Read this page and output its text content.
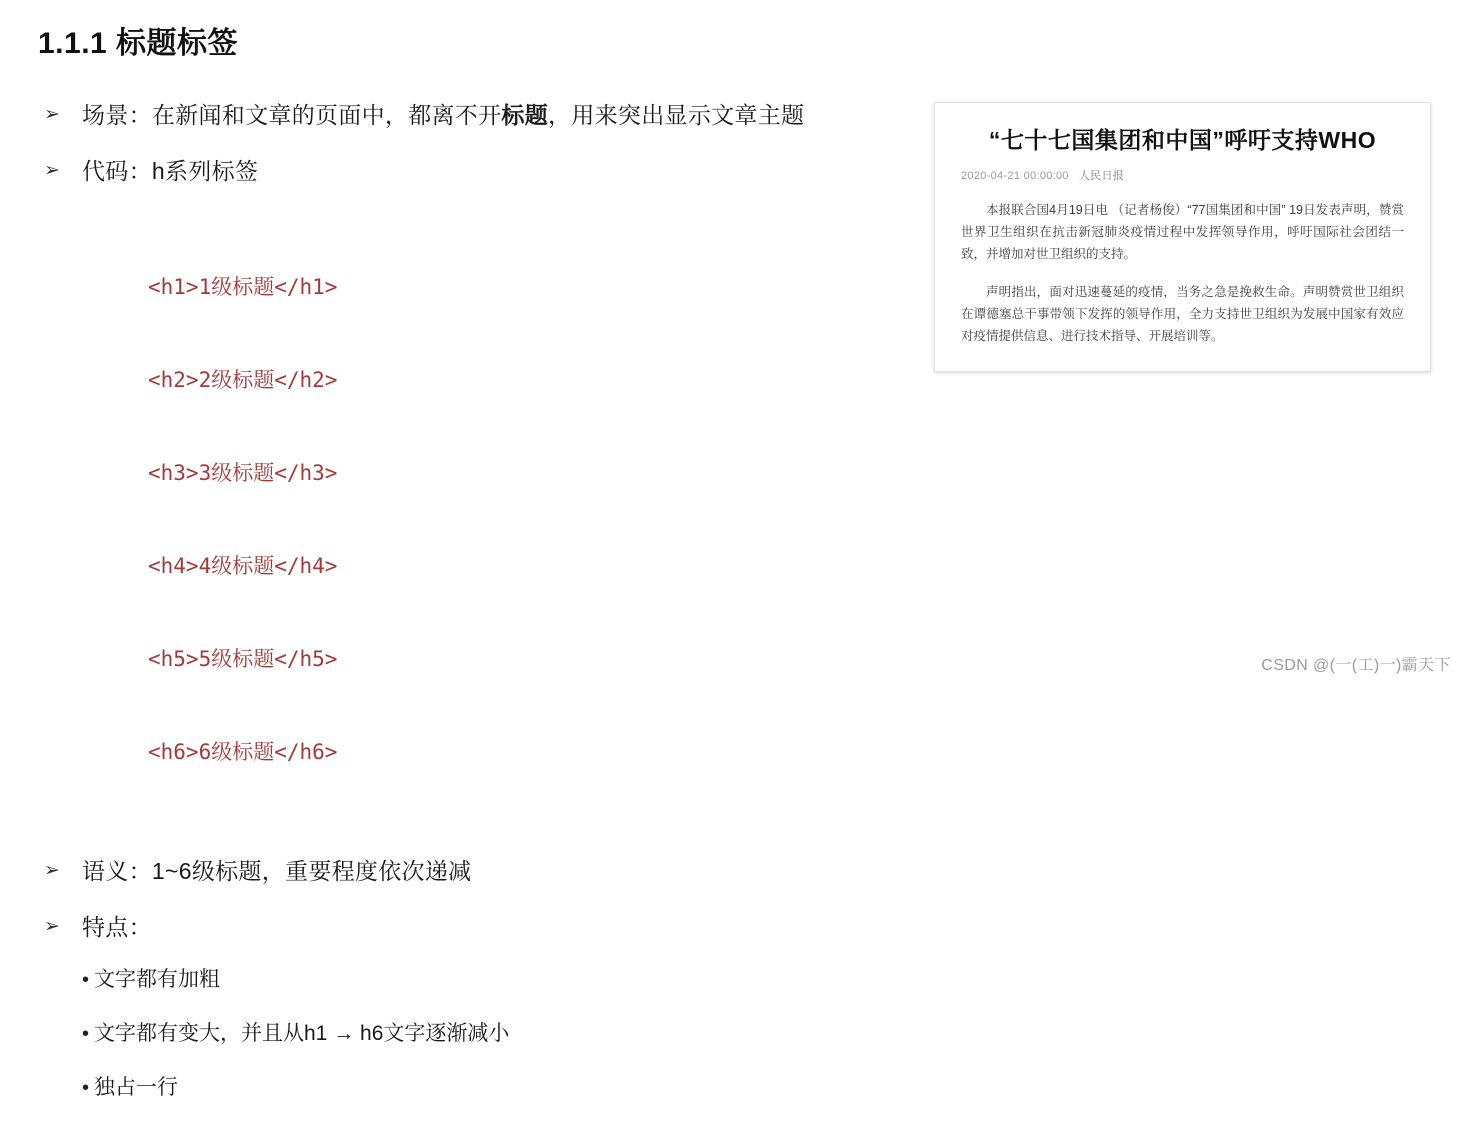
1.1.1 标题标签
➢ 场景：在新闻和文章的页面中，都离不开标题，用来突出显示文章主题
➢ 代码：h系列标签

<h1>1级标题</h1>

<h2>2级标题</h2>

<h3>3级标题</h3>

<h4>4级标题</h4>

<h5>5级标题</h5>

<h6>6级标题</h6>

➢ 语义：1~6级标题，重要程度依次递减
➢ 特点：
• 文字都有加粗
• 文字都有变大，并且从h1 → h6文字逐渐减小
• 独占一行
“七十七国集团和中国”呼吁支持WHO
2020-04-21 00:00:00 人民日报
本报联合国4月19日电 （记者杨俊）“77国集团和中国” 19日发表声明，赞赏世界卫生组织在抗击新冠肺炎疫情过程中发挥领导作用，呼吁国际社会团结一致，并增加对世卫组织的支持。
声明指出，面对迅速蔓延的疫情，当务之急是挽救生命。声明赞赏世卫组织在谭德塞总干事带领下发挥的领导作用，全力支持世卫组织为发展中国家有效应对疫情提供信息、进行技术指导、开展培训等。
CSDN @(一(工)一)霸天下
